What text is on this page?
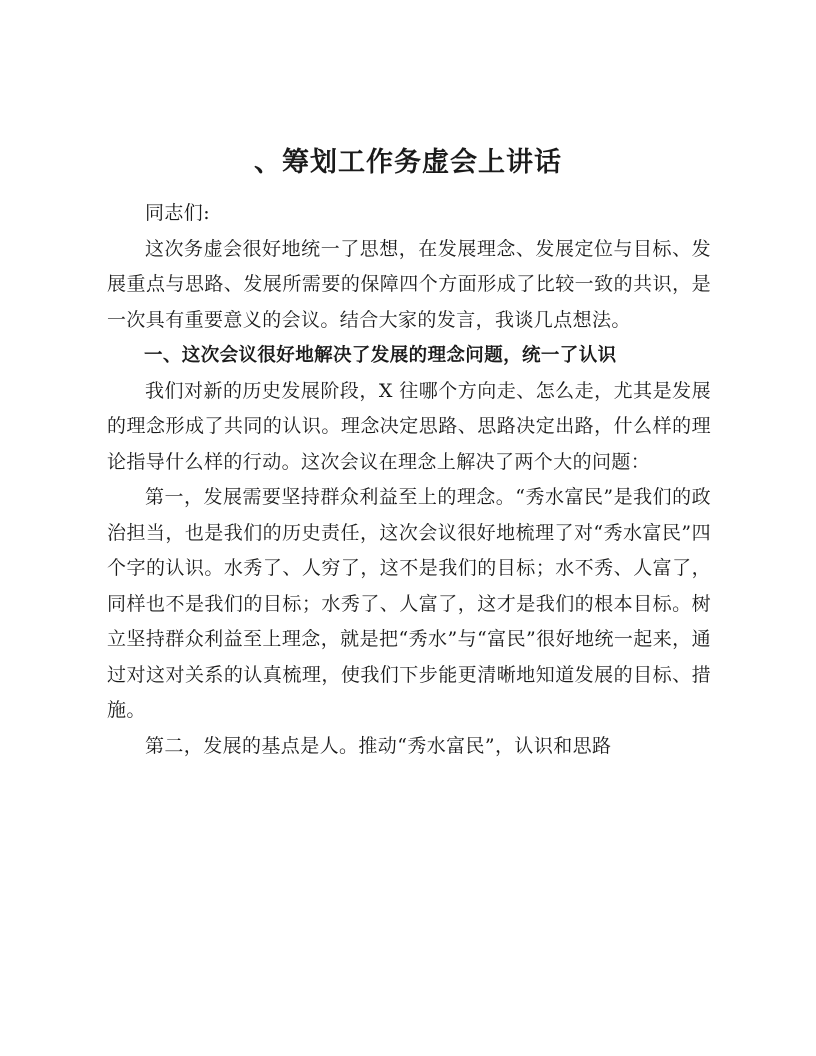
、筹划工作务虚会上讲话

同志们:

这次务虚会很好地统一了思想，在发展理念、发展定位与目标、发展重点与思路、发展所需要的保障四个方面形成了比较一致的共识，是一次具有重要意义的会议。结合大家的发言，我谈几点想法。

一、这次会议很好地解决了发展的理念问题，统一了认识

我们对新的历史发展阶段，X 往哪个方向走、怎么走，尤其是发展的理念形成了共同的认识。理念决定思路、思路决定出路，什么样的理论指导什么样的行动。这次会议在理念上解决了两个大的问题：

第一，发展需要坚持群众利益至上的理念。“秀水富民”是我们的政治担当，也是我们的历史责任，这次会议很好地梳理了对“秀水富民”四个字的认识。水秀了、人穷了，这不是我们的目标；水不秀、人富了，同样也不是我们的目标；水秀了、人富了，这才是我们的根本目标。树立坚持群众利益至上理念，就是把“秀水”与“富民”很好地统一起来，通过对这对关系的认真梳理，使我们下步能更清晰地知道发展的目标、措施。

第二，发展的基点是人。推动“秀水富民”，认识和思路
